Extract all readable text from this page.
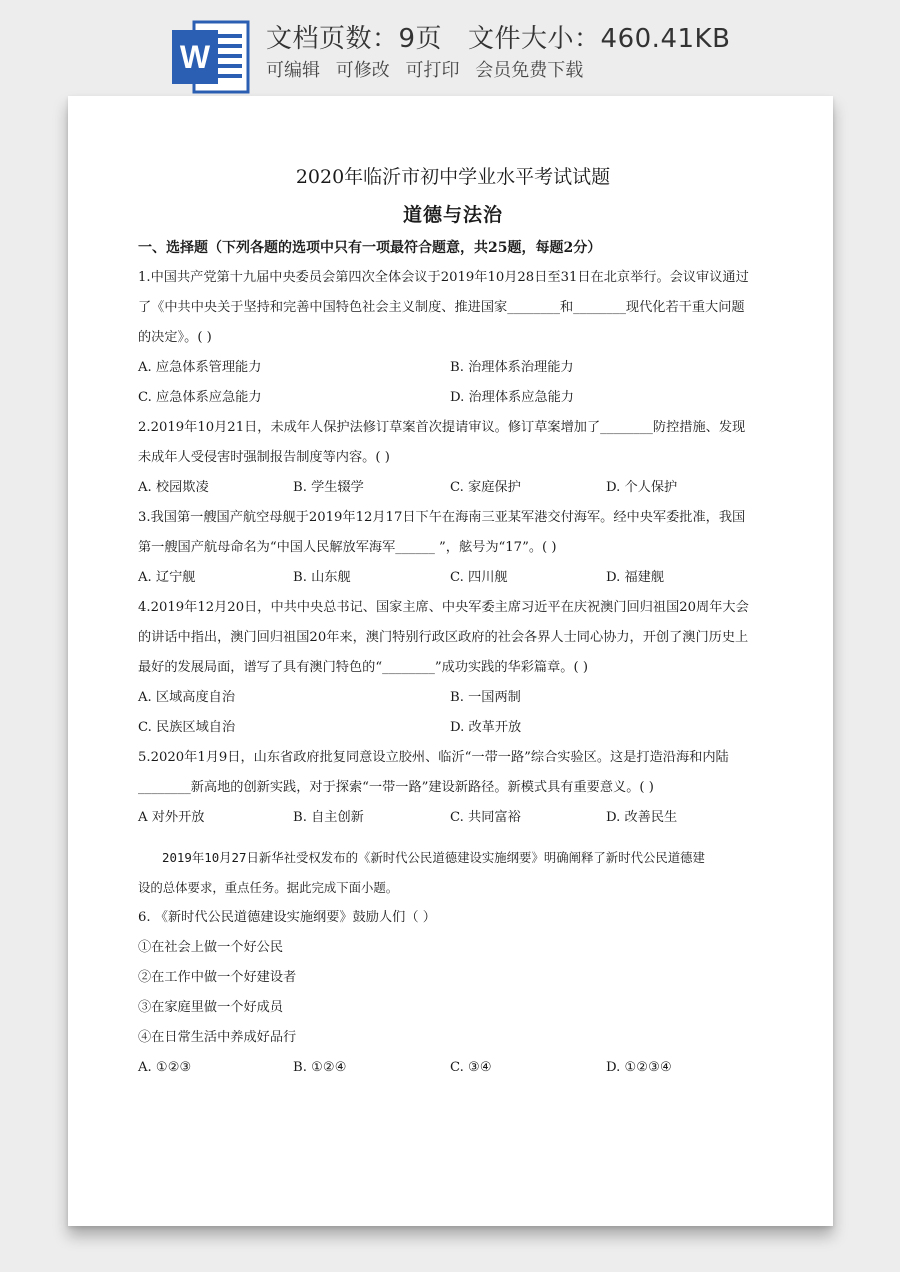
W 文档页数：9页 文件大小：460.41KB
可编辑 可修改 可打印 会员免费下载
2020年临沂市初中学业水平考试试题
道德与法治
一、选择题（下列各题的选项中只有一项最符合题意，共25题，每题2分）
1.中国共产党第十九届中央委员会第四次全体会议于2019年10月28日至31日在北京举行。会议审议通过
了《中共中央关于坚持和完善中国特色社会主义制度、推进国家________和________现代化若干重大问题
的决定》。( )
A. 应急体系管理能力	B. 治理体系治理能力
C. 应急体系应急能力	D. 治理体系应急能力
2.2019年10月21日，未成年人保护法修订草案首次提请审议。修订草案增加了________防控措施、发现
未成年人受侵害时强制报告制度等内容。( )
A. 校园欺凌	B. 学生辍学	C. 家庭保护	D. 个人保护
3.我国第一艘国产航空母舰于2019年12月17日下午在海南三亚某军港交付海军。经中央军委批准，我国
第一艘国产航母命名为“中国人民解放军海军______ ”，舷号为“17”。( )
A. 辽宁舰	B. 山东舰	C. 四川舰	D. 福建舰
4.2019年12月20日，中共中央总书记、国家主席、中央军委主席习近平在庆祝澳门回归祖国20周年大会
的讲话中指出，澳门回归祖国20年来，澳门特别行政区政府的社会各界人士同心协力，开创了澳门历史上
最好的发展局面，谱写了具有澳门特色的“________”成功实践的华彩篇章。( )
A. 区域高度自治	B. 一国两制
C. 民族区域自治	D. 改革开放
5.2020年1月9日，山东省政府批复同意设立胶州、临沂“一带一路”综合实验区。这是打造沿海和内陆
________新高地的创新实践，对于探索“一带一路”建设新路径。新模式具有重要意义。( )
A 对外开放	B. 自主创新	C. 共同富裕	D. 改善民生
2019年10月27日新华社受权发布的《新时代公民道德建设实施纲要》明确阐释了新时代公民道德建
设的总体要求，重点任务。据此完成下面小题。
6. 《新时代公民道德建设实施纲要》鼓励人们（ ）
①在社会上做一个好公民
②在工作中做一个好建设者
③在家庭里做一个好成员
④在日常生活中养成好品行
A. ①②③	B. ①②④	C. ③④	D. ①②③④
